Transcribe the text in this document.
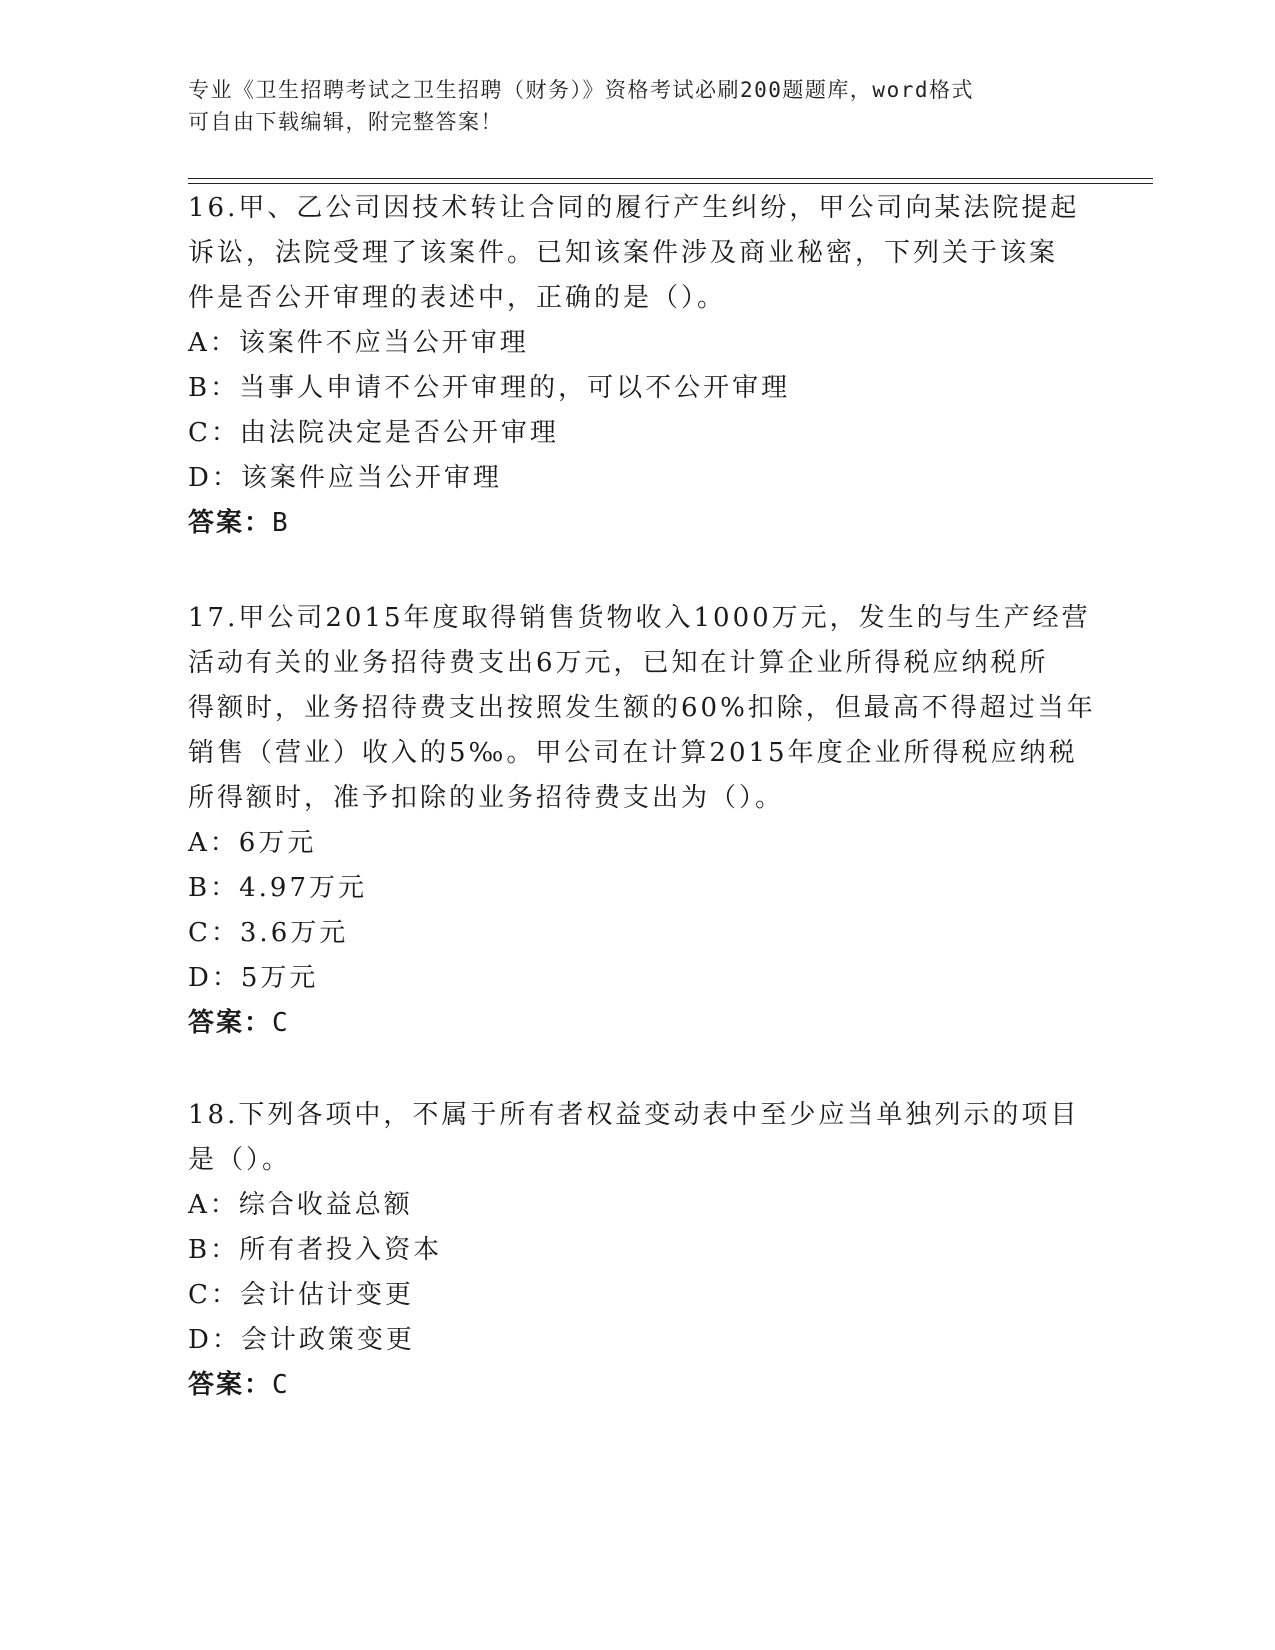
专业《卫生招聘考试之卫生招聘（财务）》资格考试必刷200题题库，word格式
可自由下载编辑，附完整答案！
16.甲、乙公司因技术转让合同的履行产生纠纷，甲公司向某法院提起
诉讼，法院受理了该案件。已知该案件涉及商业秘密，下列关于该案
件是否公开审理的表述中，正确的是（）。
A：该案件不应当公开审理
B：当事人申请不公开审理的，可以不公开审理
C：由法院决定是否公开审理
D：该案件应当公开审理
答案：B
17.甲公司2015年度取得销售货物收入1000万元，发生的与生产经营
活动有关的业务招待费支出6万元，已知在计算企业所得税应纳税所
得额时，业务招待费支出按照发生额的60%扣除，但最高不得超过当年
销售（营业）收入的5‰。甲公司在计算2015年度企业所得税应纳税
所得额时，准予扣除的业务招待费支出为（）。
A：6万元
B：4.97万元
C：3.6万元
D：5万元
答案：C
18.下列各项中，不属于所有者权益变动表中至少应当单独列示的项目
是（）。
A：综合收益总额
B：所有者投入资本
C：会计估计变更
D：会计政策变更
答案：C
